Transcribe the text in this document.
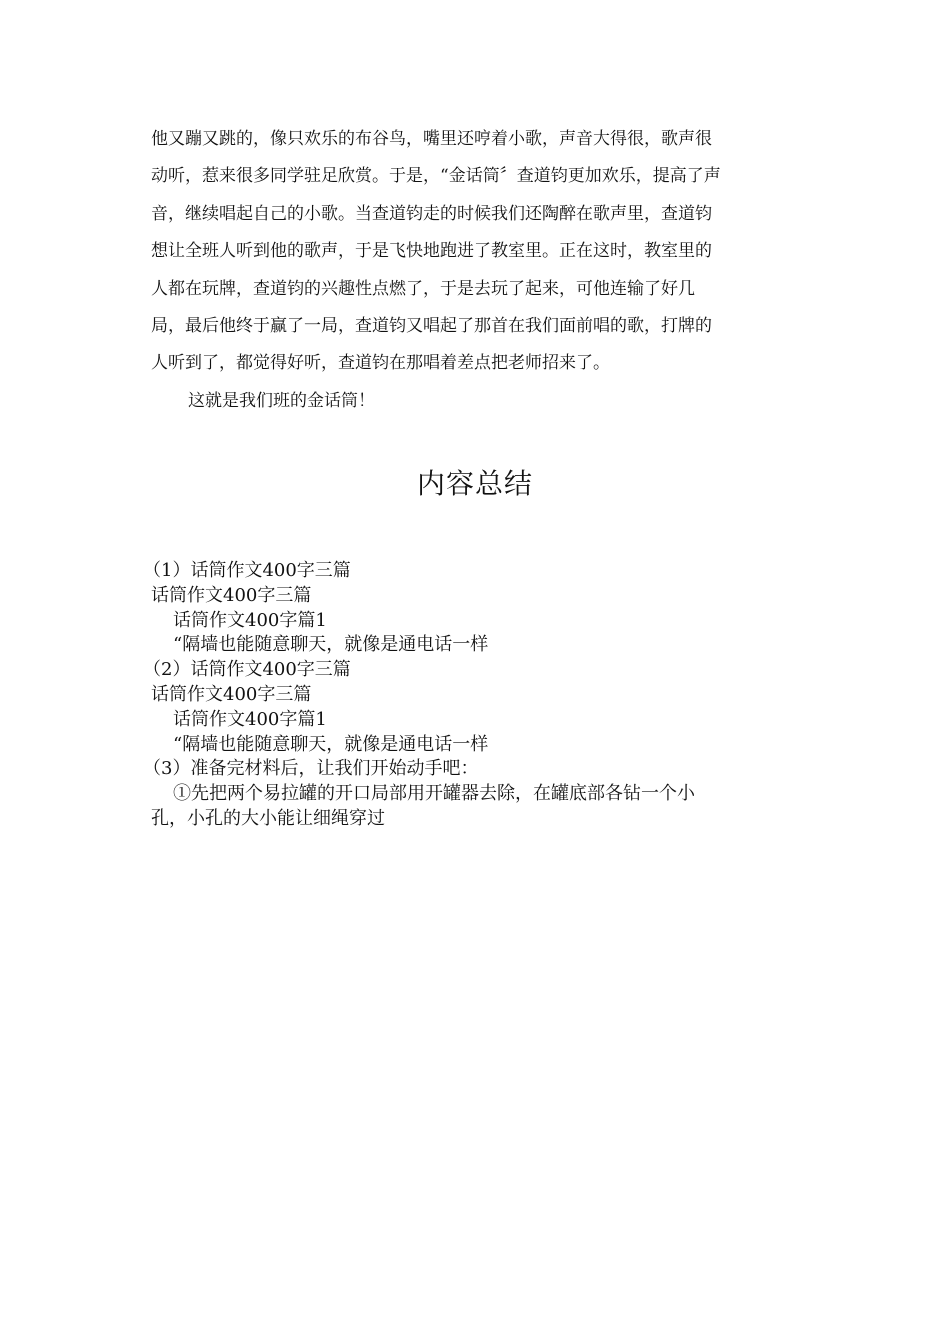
他又蹦又跳的，像只欢乐的布谷鸟，嘴里还哼着小歌，声音大得很，歌声很
动听，惹来很多同学驻足欣赏。于是，“金话筒〞查道钧更加欢乐，提高了声
音，继续唱起自己的小歌。当查道钧走的时候我们还陶醉在歌声里，查道钧
想让全班人听到他的歌声，于是飞快地跑进了教室里。正在这时，教室里的
人都在玩牌，查道钧的兴趣性点燃了，于是去玩了起来，可他连输了好几
局，最后他终于赢了一局，查道钧又唱起了那首在我们面前唱的歌，打牌的
人听到了，都觉得好听，查道钧在那唱着差点把老师招来了。
这就是我们班的金话筒！
内容总结
（1）话筒作文400字三篇
话筒作文400字三篇
话筒作文400字篇1
“隔墙也能随意聊天，就像是通电话一样
（2）话筒作文400字三篇
话筒作文400字三篇
话筒作文400字篇1
“隔墙也能随意聊天，就像是通电话一样
（3）准备完材料后，让我们开始动手吧：
①先把两个易拉罐的开口局部用开罐器去除，在罐底部各钻一个小
孔，小孔的大小能让细绳穿过
